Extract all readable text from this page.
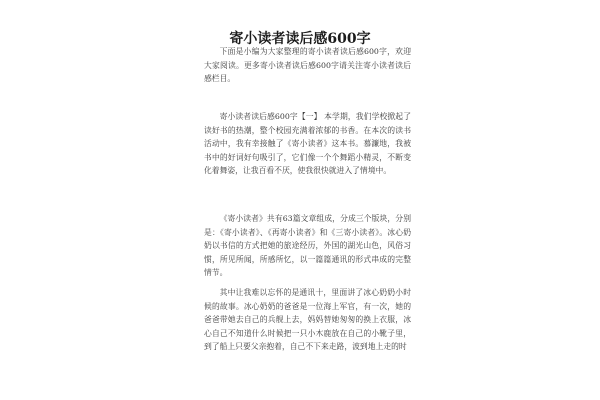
寄小读者读后感600字

下面是小编为大家整理的寄小读者读后感600字，欢迎大家阅读。更多寄小读者读后感600字请关注寄小读者读后感栏目。

寄小读者读后感600字【一】 本学期，我们学校掀起了读好书的热潮，整个校园充满着浓郁的书香。在本次的读书活动中，我有幸接触了《寄小读者》这本书。慕濂地，我被书中的好词好句吸引了，它们像一个个舞蹈小精灵，不断变化着舞姿，让我百看不厌，使我很快就进入了情境中。

《寄小读者》共有63篇文章组成，分成三个版块，分别是：《寄小读者》、《再寄小读者》和《三寄小读者》。冰心奶奶以书信的方式把她的旅途经历，外国的湖光山色，风俗习惯，所见所闻，所感所忆，以一篇篇通讯的形式串成的完整情节。

其中让我难以忘怀的是通讯十，里面讲了冰心奶奶小时候的故事。冰心奶奶的爸爸是一位海上军官，有一次，她的爸爸带她去自己的兵舰上去，妈妈替她匆匆的换上衣服，冰心自己不知道什么时候把一只小木鹿放在自己的小靴子里，到了船上只要父亲抱着，自己不下来走路，波到地上走的时
